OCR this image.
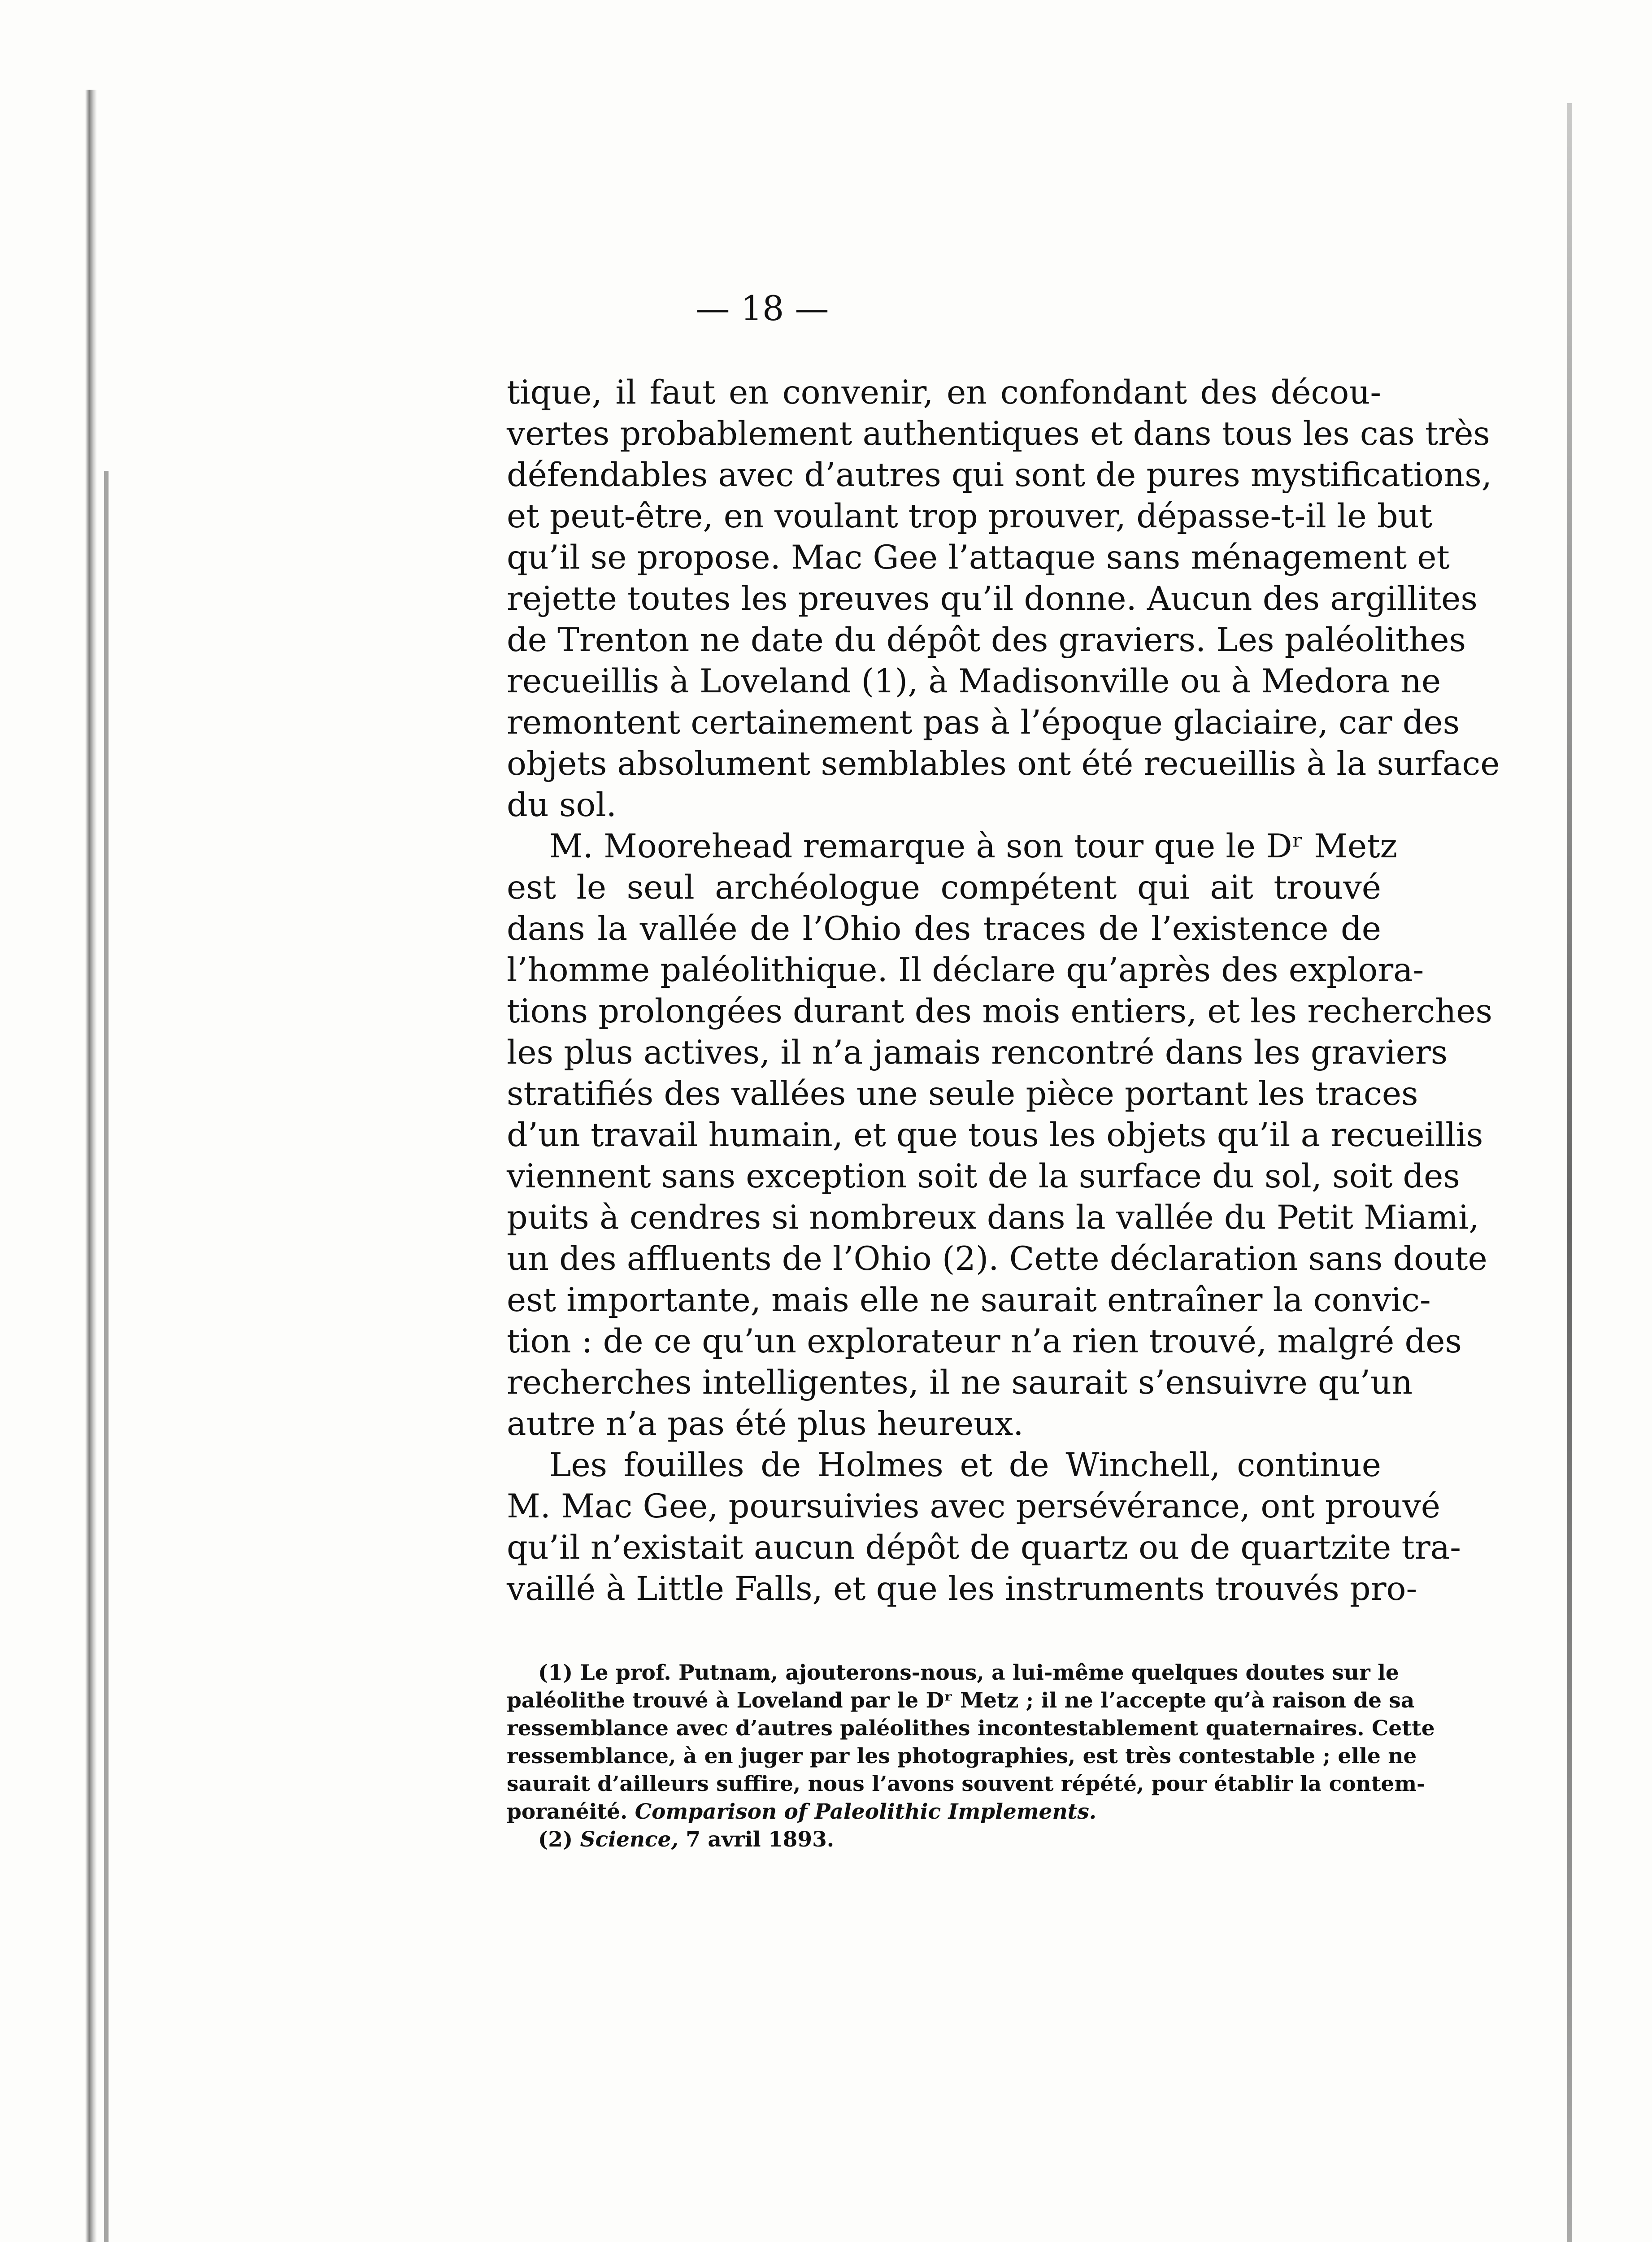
— 18 —
tique, il faut en convenir, en confondant des décou-
vertes probablement authentiques et dans tous les cas très
défendables avec d’autres qui sont de pures mystifications,
et peut-être, en voulant trop prouver, dépasse-t-il le but
qu’il se propose. Mac Gee l’attaque sans ménagement et
rejette toutes les preuves qu’il donne. Aucun des argillites
de Trenton ne date du dépôt des graviers. Les paléolithes
recueillis à Loveland (1), à Madisonville ou à Medora ne
remontent certainement pas à l’époque glaciaire, car des
objets absolument semblables ont été recueillis à la surface
du sol.
M. Moorehead remarque à son tour que le Dʳ Metz
est le seul archéologue compétent qui ait trouvé
dans la vallée de l’Ohio des traces de l’existence de
l’homme paléolithique. Il déclare qu’après des explora-
tions prolongées durant des mois entiers, et les recherches
les plus actives, il n’a jamais rencontré dans les graviers
stratifiés des vallées une seule pièce portant les traces
d’un travail humain, et que tous les objets qu’il a recueillis
viennent sans exception soit de la surface du sol, soit des
puits à cendres si nombreux dans la vallée du Petit Miami,
un des affluents de l’Ohio (2). Cette déclaration sans doute
est importante, mais elle ne saurait entraîner la convic-
tion : de ce qu’un explorateur n’a rien trouvé, malgré des
recherches intelligentes, il ne saurait s’ensuivre qu’un
autre n’a pas été plus heureux.
Les fouilles de Holmes et de Winchell, continue
M. Mac Gee, poursuivies avec persévérance, ont prouvé
qu’il n’existait aucun dépôt de quartz ou de quartzite tra-
vaillé à Little Falls, et que les instruments trouvés pro-
(1) Le prof. Putnam, ajouterons-nous, a lui-même quelques doutes sur le
paléolithe trouvé à Loveland par le Dʳ Metz ; il ne l’accepte qu’à raison de sa
ressemblance avec d’autres paléolithes incontestablement quaternaires. Cette
ressemblance, à en juger par les photographies, est très contestable ; elle ne
saurait d’ailleurs suffire, nous l’avons souvent répété, pour établir la contem-
poranéité. Comparison of Paleolithic Implements.
(2) Science, 7 avril 1893.
